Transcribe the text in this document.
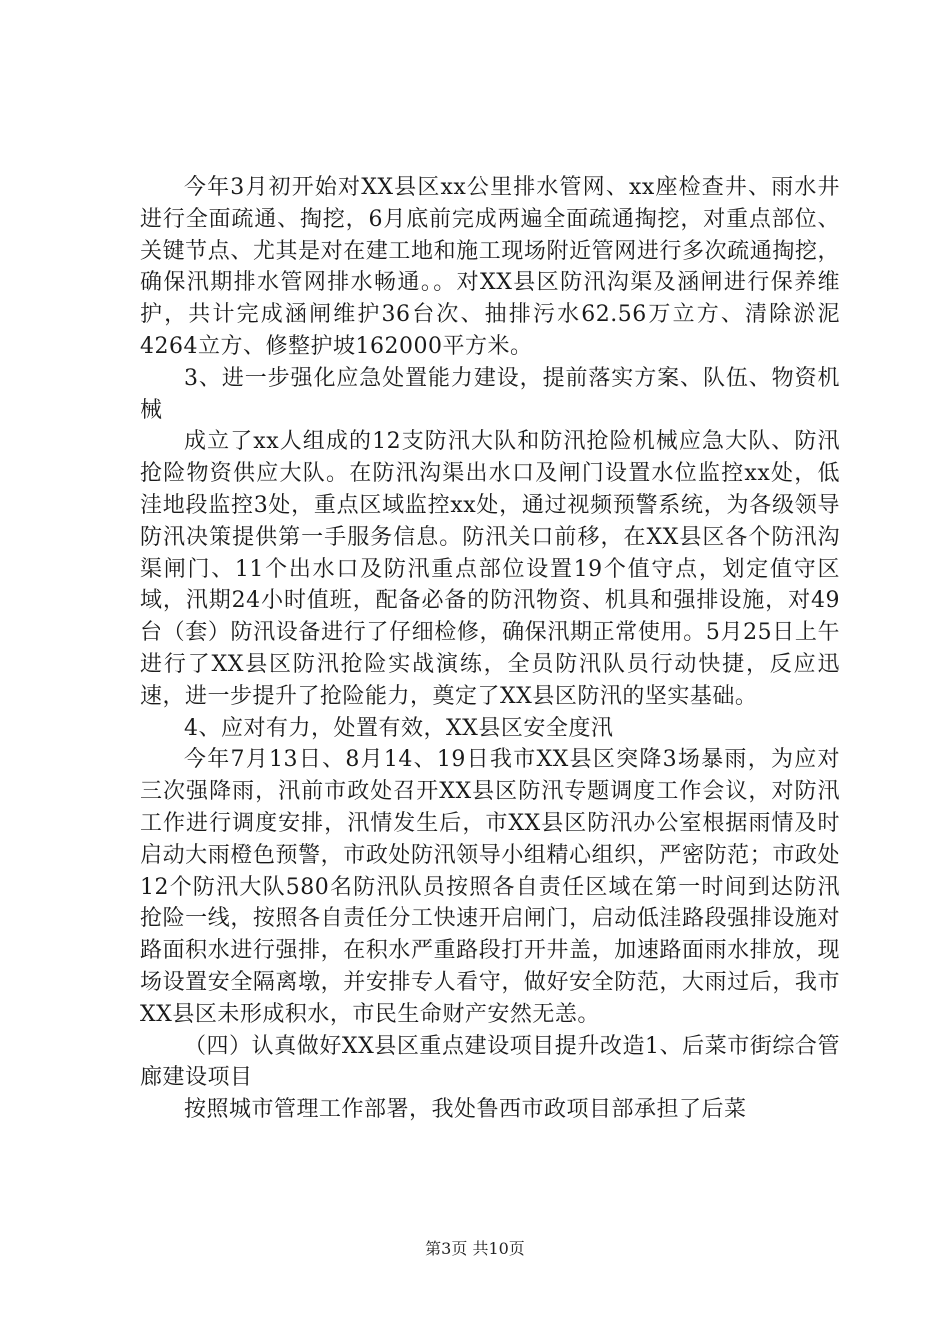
今年3月初开始对XX县区xx公里排水管网、xx座检查井、雨水井进行全面疏通、掏挖，6月底前完成两遍全面疏通掏挖，对重点部位、关键节点、尤其是对在建工地和施工现场附近管网进行多次疏通掏挖，确保汛期排水管网排水畅通。。对XX县区防汛沟渠及涵闸进行保养维护，共计完成涵闸维护36台次、抽排污水62.56万立方、清除淤泥4264立方、修整护坡162000平方米。

3、进一步强化应急处置能力建设，提前落实方案、队伍、物资机械

成立了xx人组成的12支防汛大队和防汛抢险机械应急大队、防汛抢险物资供应大队。在防汛沟渠出水口及闸门设置水位监控xx处，低洼地段监控3处，重点区域监控xx处，通过视频预警系统，为各级领导防汛决策提供第一手服务信息。防汛关口前移，在XX县区各个防汛沟渠闸门、11个出水口及防汛重点部位设置19个值守点，划定值守区域，汛期24小时值班，配备必备的防汛物资、机具和强排设施，对49台（套）防汛设备进行了仔细检修，确保汛期正常使用。5月25日上午进行了XX县区防汛抢险实战演练，全员防汛队员行动快捷，反应迅速，进一步提升了抢险能力，奠定了XX县区防汛的坚实基础。

4、应对有力，处置有效，XX县区安全度汛

今年7月13日、8月14、19日我市XX县区突降3场暴雨，为应对三次强降雨，汛前市政处召开XX县区防汛专题调度工作会议，对防汛工作进行调度安排，汛情发生后，市XX县区防汛办公室根据雨情及时启动大雨橙色预警，市政处防汛领导小组精心组织，严密防范；市政处12个防汛大队580名防汛队员按照各自责任区域在第一时间到达防汛抢险一线，按照各自责任分工快速开启闸门，启动低洼路段强排设施对路面积水进行强排，在积水严重路段打开井盖，加速路面雨水排放，现场设置安全隔离墩，并安排专人看守，做好安全防范，大雨过后，我市XX县区未形成积水，市民生命财产安然无恙。

（四）认真做好XX县区重点建设项目提升改造1、后菜市街综合管廊建设项目

按照城市管理工作部署，我处鲁西市政项目部承担了后菜

第3页 共10页
